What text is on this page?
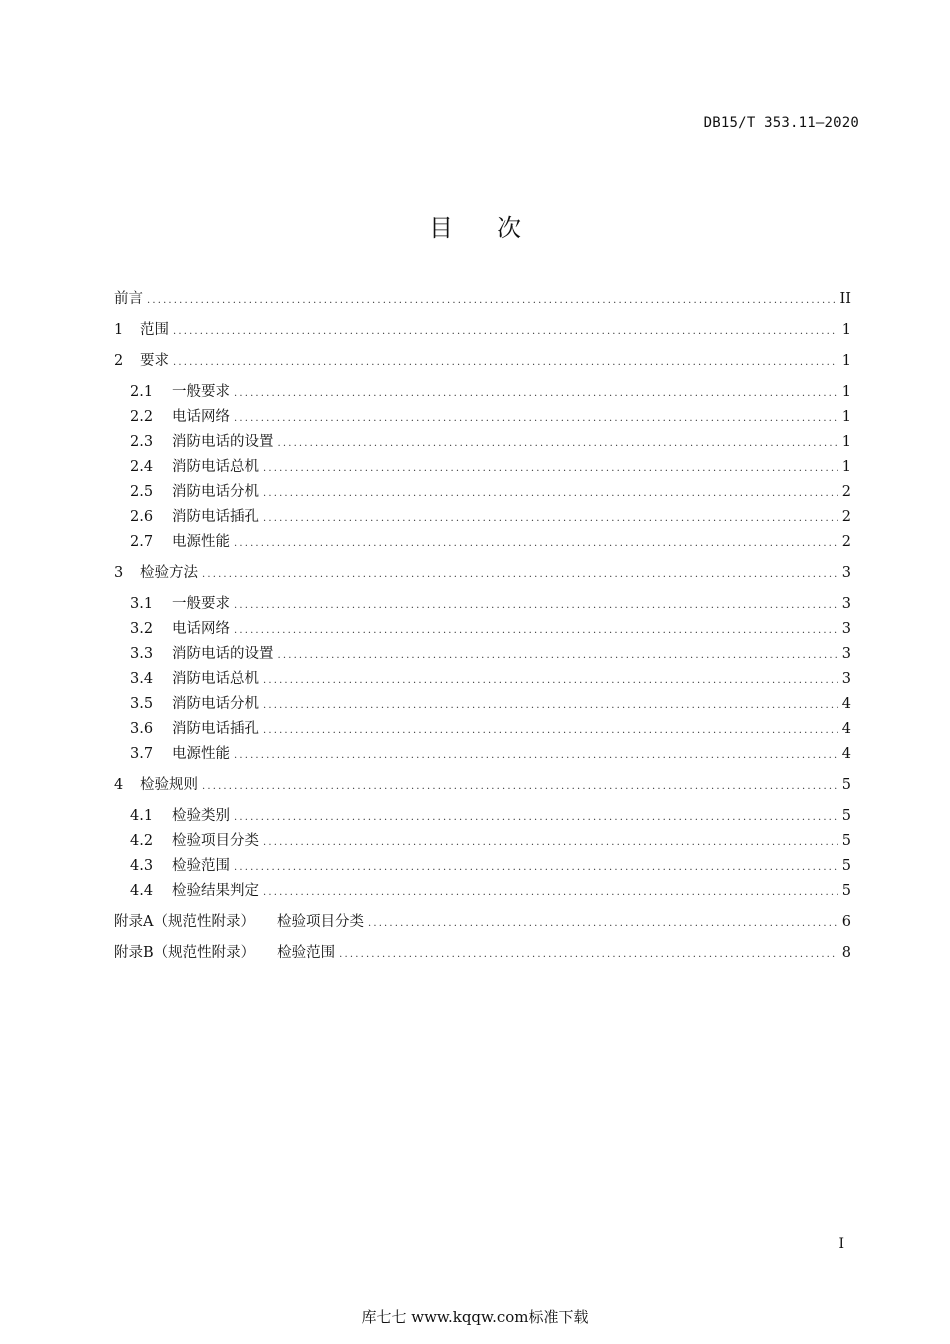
DB15/T 353.11—2020
目次
前言 . . .	II
1	范围 . . .	1
2	要求 . . .	1
2.1	一般要求 . . .	1
2.2	电话网络 . . .	1
2.3	消防电话的设置 . . .	1
2.4	消防电话总机 . . .	1
2.5	消防电话分机 . . .	2
2.6	消防电话插孔 . . .	2
2.7	电源性能 . . .	2
3	检验方法 . . .	3
3.1	一般要求 . . .	3
3.2	电话网络 . . .	3
3.3	消防电话的设置 . . .	3
3.4	消防电话总机 . . .	3
3.5	消防电话分机 . . .	4
3.6	消防电话插孔 . . .	4
3.7	电源性能 . . .	4
4	检验规则 . . .	5
4.1	检验类别 . . .	5
4.2	检验项目分类 . . .	5
4.3	检验范围 . . .	5
4.4	检验结果判定 . . .	5
附录A（规范性附录） 检验项目分类 . . .	6
附录B（规范性附录） 检验范围 . . .	8
I
库七七 www.kqqw.com标准下载
